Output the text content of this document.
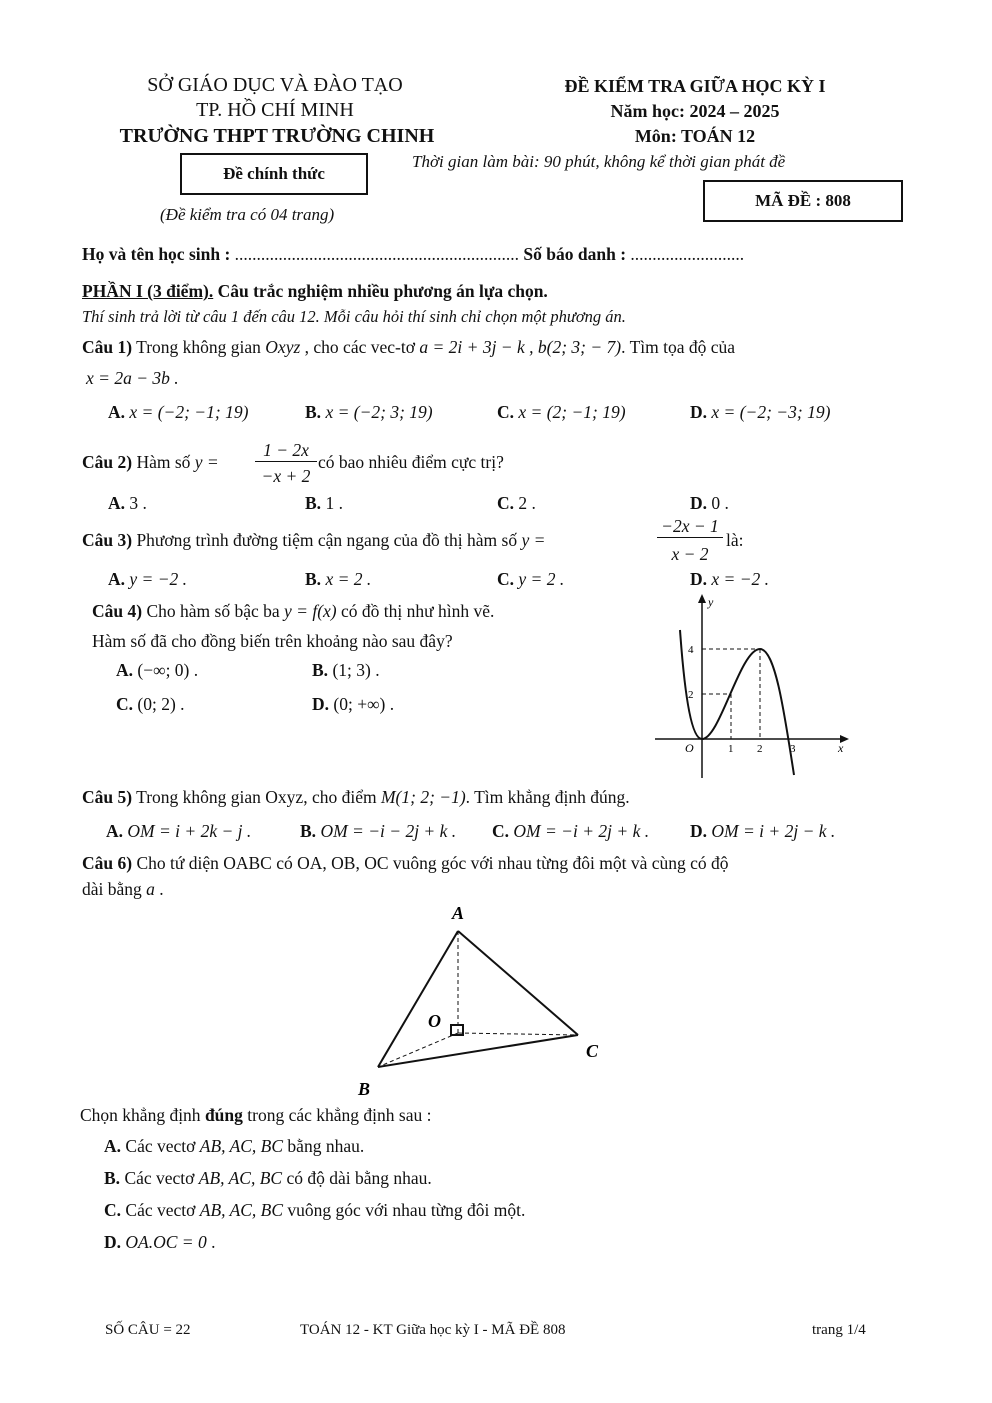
SỞ GIÁO DỤC VÀ ĐÀO TẠO
TP. HỒ CHÍ MINH
TRƯỜNG THPT TRƯỜNG CHINH
ĐỀ KIỂM TRA GIỮA HỌC KỲ I
Năm học: 2024 – 2025
Môn: TOÁN 12
Đề chính thức
Thời gian làm bài: 90 phút, không kể thời gian phát đề
(Đề kiểm tra có 04 trang)
MÃ ĐỀ : 808
Họ và tên học sinh : ................................................................. Số báo danh : ..........................
PHẦN I (3 điểm). Câu trắc nghiệm nhiều phương án lựa chọn.
Thí sinh trả lời từ câu 1 đến câu 12. Mỗi câu hỏi thí sinh chỉ chọn một phương án.
Câu 1) Trong không gian Oxyz , cho các vec-tơ a = 2i + 3j − k , b(2; 3; − 7). Tìm tọa độ của
x = 2a − 3b .
A. x = (−2; −1; 19)	B. x = (−2; 3; 19)	C. x = (2; −1; 19)	D. x = (−2; −3; 19)
Câu 2) Hàm số y =
1 − 2x
−x + 2
có bao nhiêu điểm cực trị?
A. 3 .	B. 1 .	C. 2 .	D. 0 .
Câu 3) Phương trình đường tiệm cận ngang của đồ thị hàm số y =
−2x − 1
x − 2
là:
A. y = −2 .	B. x = 2 .	C. y = 2 .	D. x = −2 .
Câu 4) Cho hàm số bậc ba y = f(x) có đồ thị như hình vẽ.
Hàm số đã cho đồng biến trên khoảng nào sau đây?
A. (−∞; 0) .	B. (1; 3) .
C. (0; 2) .	D. (0; +∞) .
y
x
O
4
2
1 2	3
Câu 5) Trong không gian Oxyz, cho điểm M(1; 2; −1). Tìm khẳng định đúng.
A. OM = i + 2k − j .	B. OM = −i − 2j + k . C. OM = −i + 2j + k . D. OM = i + 2j − k .
Câu 6) Cho tứ diện OABC có OA, OB, OC vuông góc với nhau từng đôi một và cùng có độ
dài bằng a .
A
O
B
C
Chọn khẳng định đúng trong các khẳng định sau :
A. Các vectơ AB, AC, BC bằng nhau.
B. Các vectơ AB, AC, BC có độ dài bằng nhau.
C. Các vectơ AB, AC, BC vuông góc với nhau từng đôi một.
D. OA.OC = 0 .
SỐ CÂU = 22	TOÁN 12 - KT Giữa học kỳ I - MÃ ĐỀ 808	trang 1/4
